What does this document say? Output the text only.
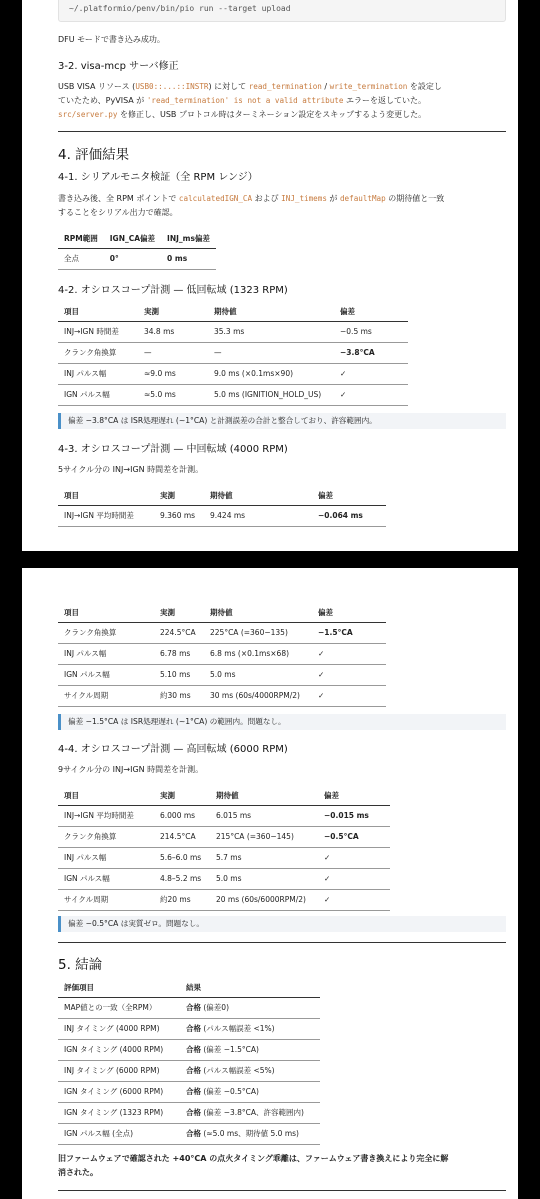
~/.platformio/penv/bin/pio run --target upload
DFU モードで書き込み成功。
3-2. visa-mcp サーバ修正
USB VISA リソース (USB0::...::INSTR) に対して read_termination / write_termination を設定し
ていたため、PyVISA が 'read_termination' is not a valid attribute エラーを返していた。
src/server.py を修正し、USB プロトコル時はターミネーション設定をスキップするよう変更した。
4. 評価結果
4-1. シリアルモニタ検証（全 RPM レンジ）
書き込み後、全 RPM ポイントで calculatedIGN_CA および INJ_timems が defaultMap の期待値と一致
することをシリアル出力で確認。
RPM範囲	IGN_CA偏差	INJ_ms偏差
全点	0°	0 ms
4-2. オシロスコープ計測 — 低回転域 (1323 RPM)
項目	実測	期待値	偏差
INJ→IGN 時間差	34.8 ms	35.3 ms	−0.5 ms
クランク角換算	—	—	−3.8°CA
INJ パルス幅	≈9.0 ms	9.0 ms (×0.1ms×90)	✓
IGN パルス幅	≈5.0 ms	5.0 ms (IGNITION_HOLD_US)	✓
偏差 −3.8°CA は ISR処理遅れ (~1°CA) と計測誤差の合計と整合しており、許容範囲内。
4-3. オシロスコープ計測 — 中回転域 (4000 RPM)
5サイクル分の INJ→IGN 時間差を計測。
項目	実測	期待値	偏差
INJ→IGN 平均時間差	9.360 ms	9.424 ms	−0.064 ms
項目	実測	期待値	偏差
クランク角換算	224.5°CA	225°CA (=360−135)	−1.5°CA
INJ パルス幅	6.78 ms	6.8 ms (×0.1ms×68)	✓
IGN パルス幅	5.10 ms	5.0 ms	✓
サイクル周期	約30 ms	30 ms (60s/4000RPM/2)	✓
偏差 −1.5°CA は ISR処理遅れ (~1°CA) の範囲内。問題なし。
4-4. オシロスコープ計測 — 高回転域 (6000 RPM)
9サイクル分の INJ→IGN 時間差を計測。
項目	実測	期待値	偏差
INJ→IGN 平均時間差	6.000 ms	6.015 ms	−0.015 ms
クランク角換算	214.5°CA	215°CA (=360−145)	−0.5°CA
INJ パルス幅	5.6–6.0 ms	5.7 ms	✓
IGN パルス幅	4.8–5.2 ms	5.0 ms	✓
サイクル周期	約20 ms	20 ms (60s/6000RPM/2)	✓
偏差 −0.5°CA は実質ゼロ。問題なし。
5. 結論
評価項目	結果
MAP値との一致（全RPM）	合格 (偏差0)
INJ タイミング (4000 RPM)	合格 (パルス幅誤差 <1%)
IGN タイミング (4000 RPM)	合格 (偏差 −1.5°CA)
INJ タイミング (6000 RPM)	合格 (パルス幅誤差 <5%)
IGN タイミング (6000 RPM)	合格 (偏差 −0.5°CA)
IGN タイミング (1323 RPM)	合格 (偏差 −3.8°CA、許容範囲内)
IGN パルス幅 (全点)	合格 (≈5.0 ms、期待値 5.0 ms)
旧ファームウェアで確認された +40°CA の点火タイミング乖離は、ファームウェア書き換えにより完全に解
消された。
